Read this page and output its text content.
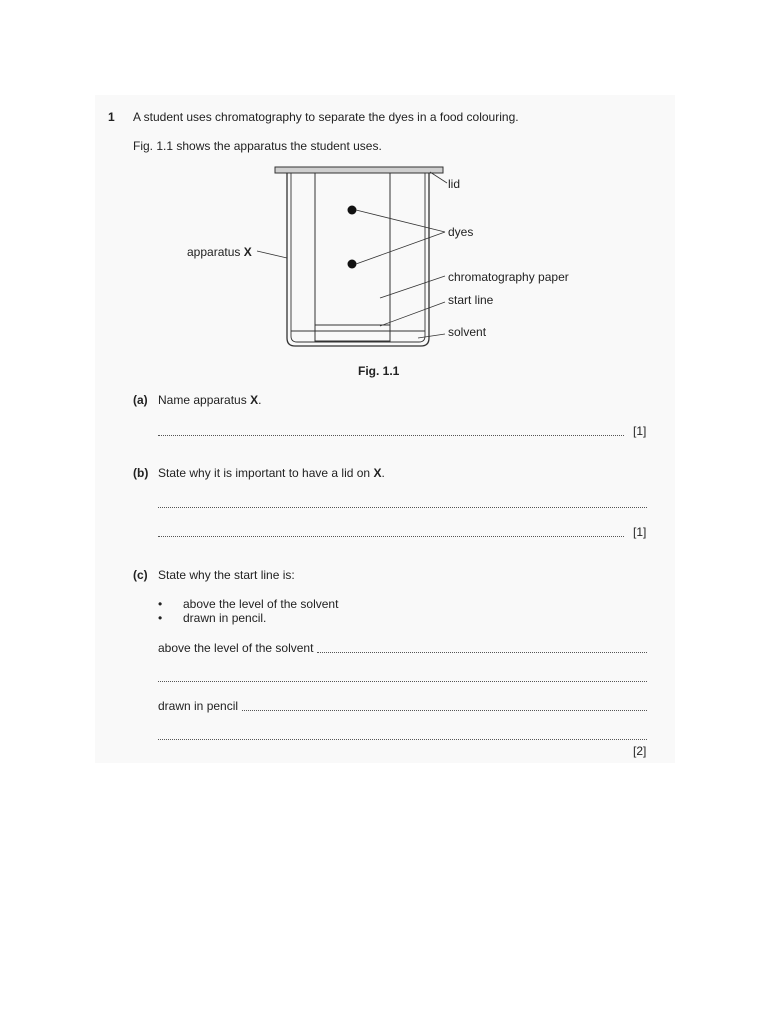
1 A student uses chromatography to separate the dyes in a food colouring.
Fig. 1.1 shows the apparatus the student uses.
lid
dyes
apparatus X
chromatography paper
start line
solvent
Fig. 1.1
(a) Name apparatus X.
[1]
(b) State why it is important to have a lid on X.
[1]
(c) State why the start line is:
• above the level of the solvent
• drawn in pencil.
above the level of the solvent
drawn in pencil
[2]
